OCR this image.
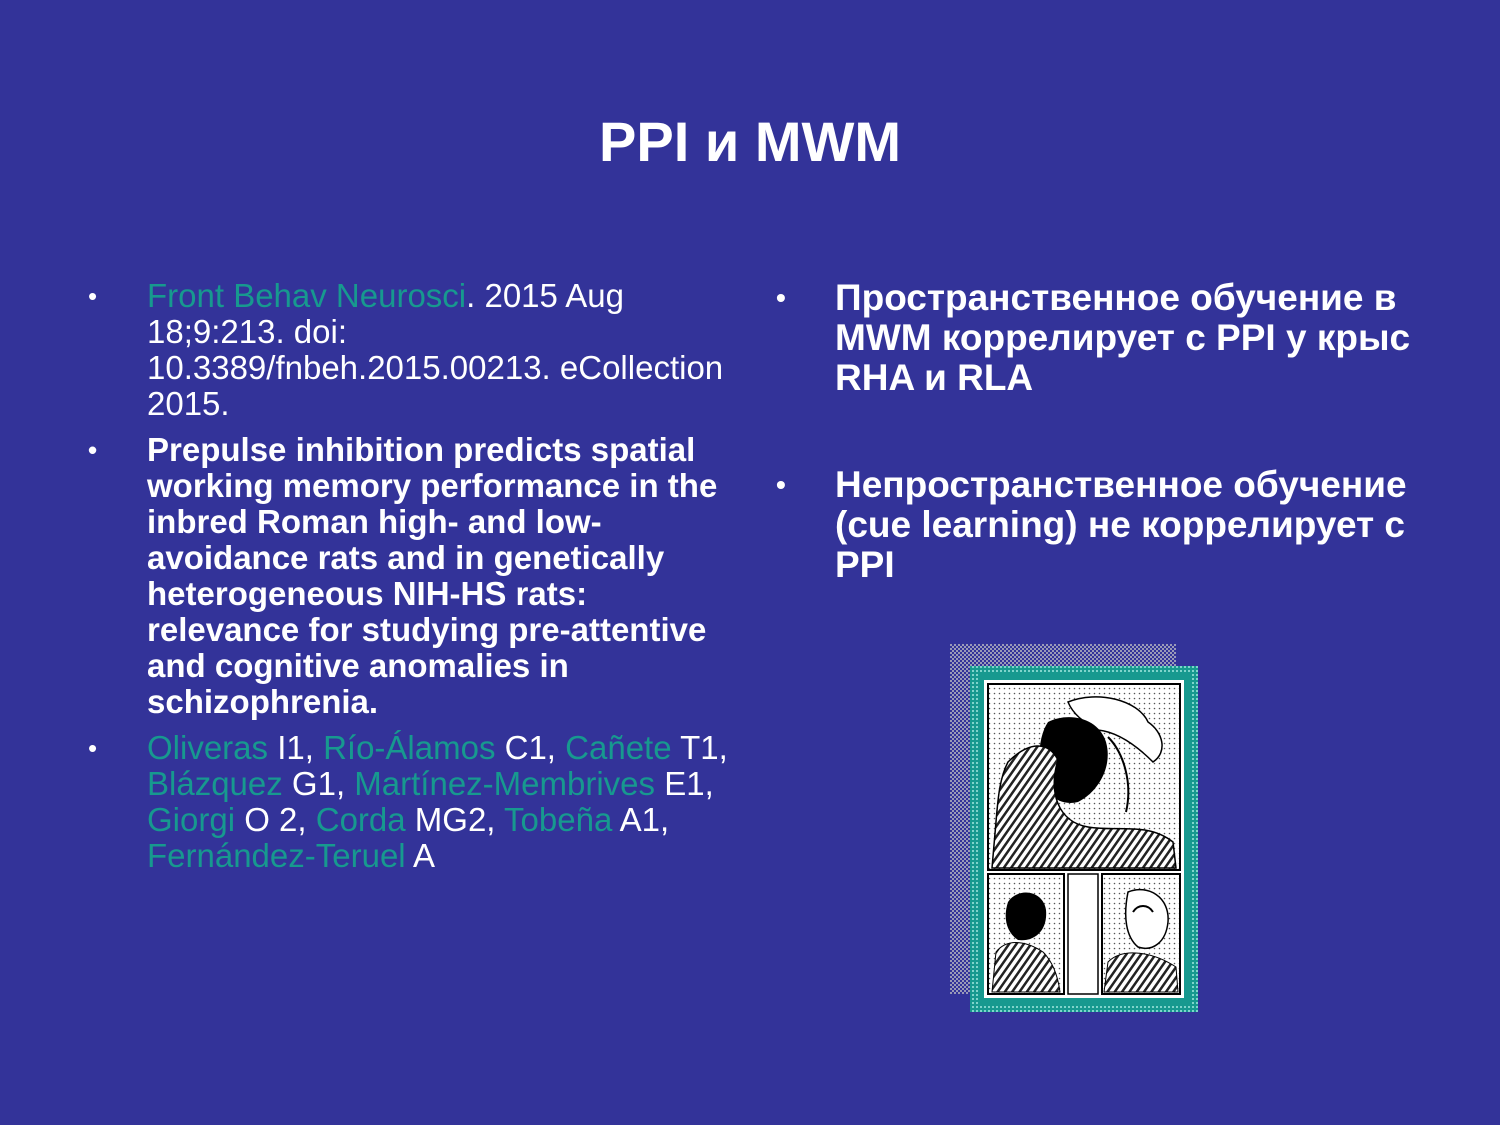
PPI и MWM
• Front Behav Neurosci. 2015 Aug 18;9:213. doi: 10.3389/fnbeh.2015.00213. eCollection 2015.
• Prepulse inhibition predicts spatial working memory performance in the inbred Roman high- and low-avoidance rats and in genetically heterogeneous NIH-HS rats: relevance for studying pre-attentive and cognitive anomalies in schizophrenia.
• Oliveras I1, Río-Álamos C1, Cañete T1, Blázquez G1, Martínez-Membrives E1, Giorgi O 2, Corda MG2, Tobeña A1, Fernández-Teruel A
• Пространственное обучение в MWM коррелирует с PPI у крыс RHA и RLA
• Непространственное обучение (cue learning) не коррелирует с PPI
